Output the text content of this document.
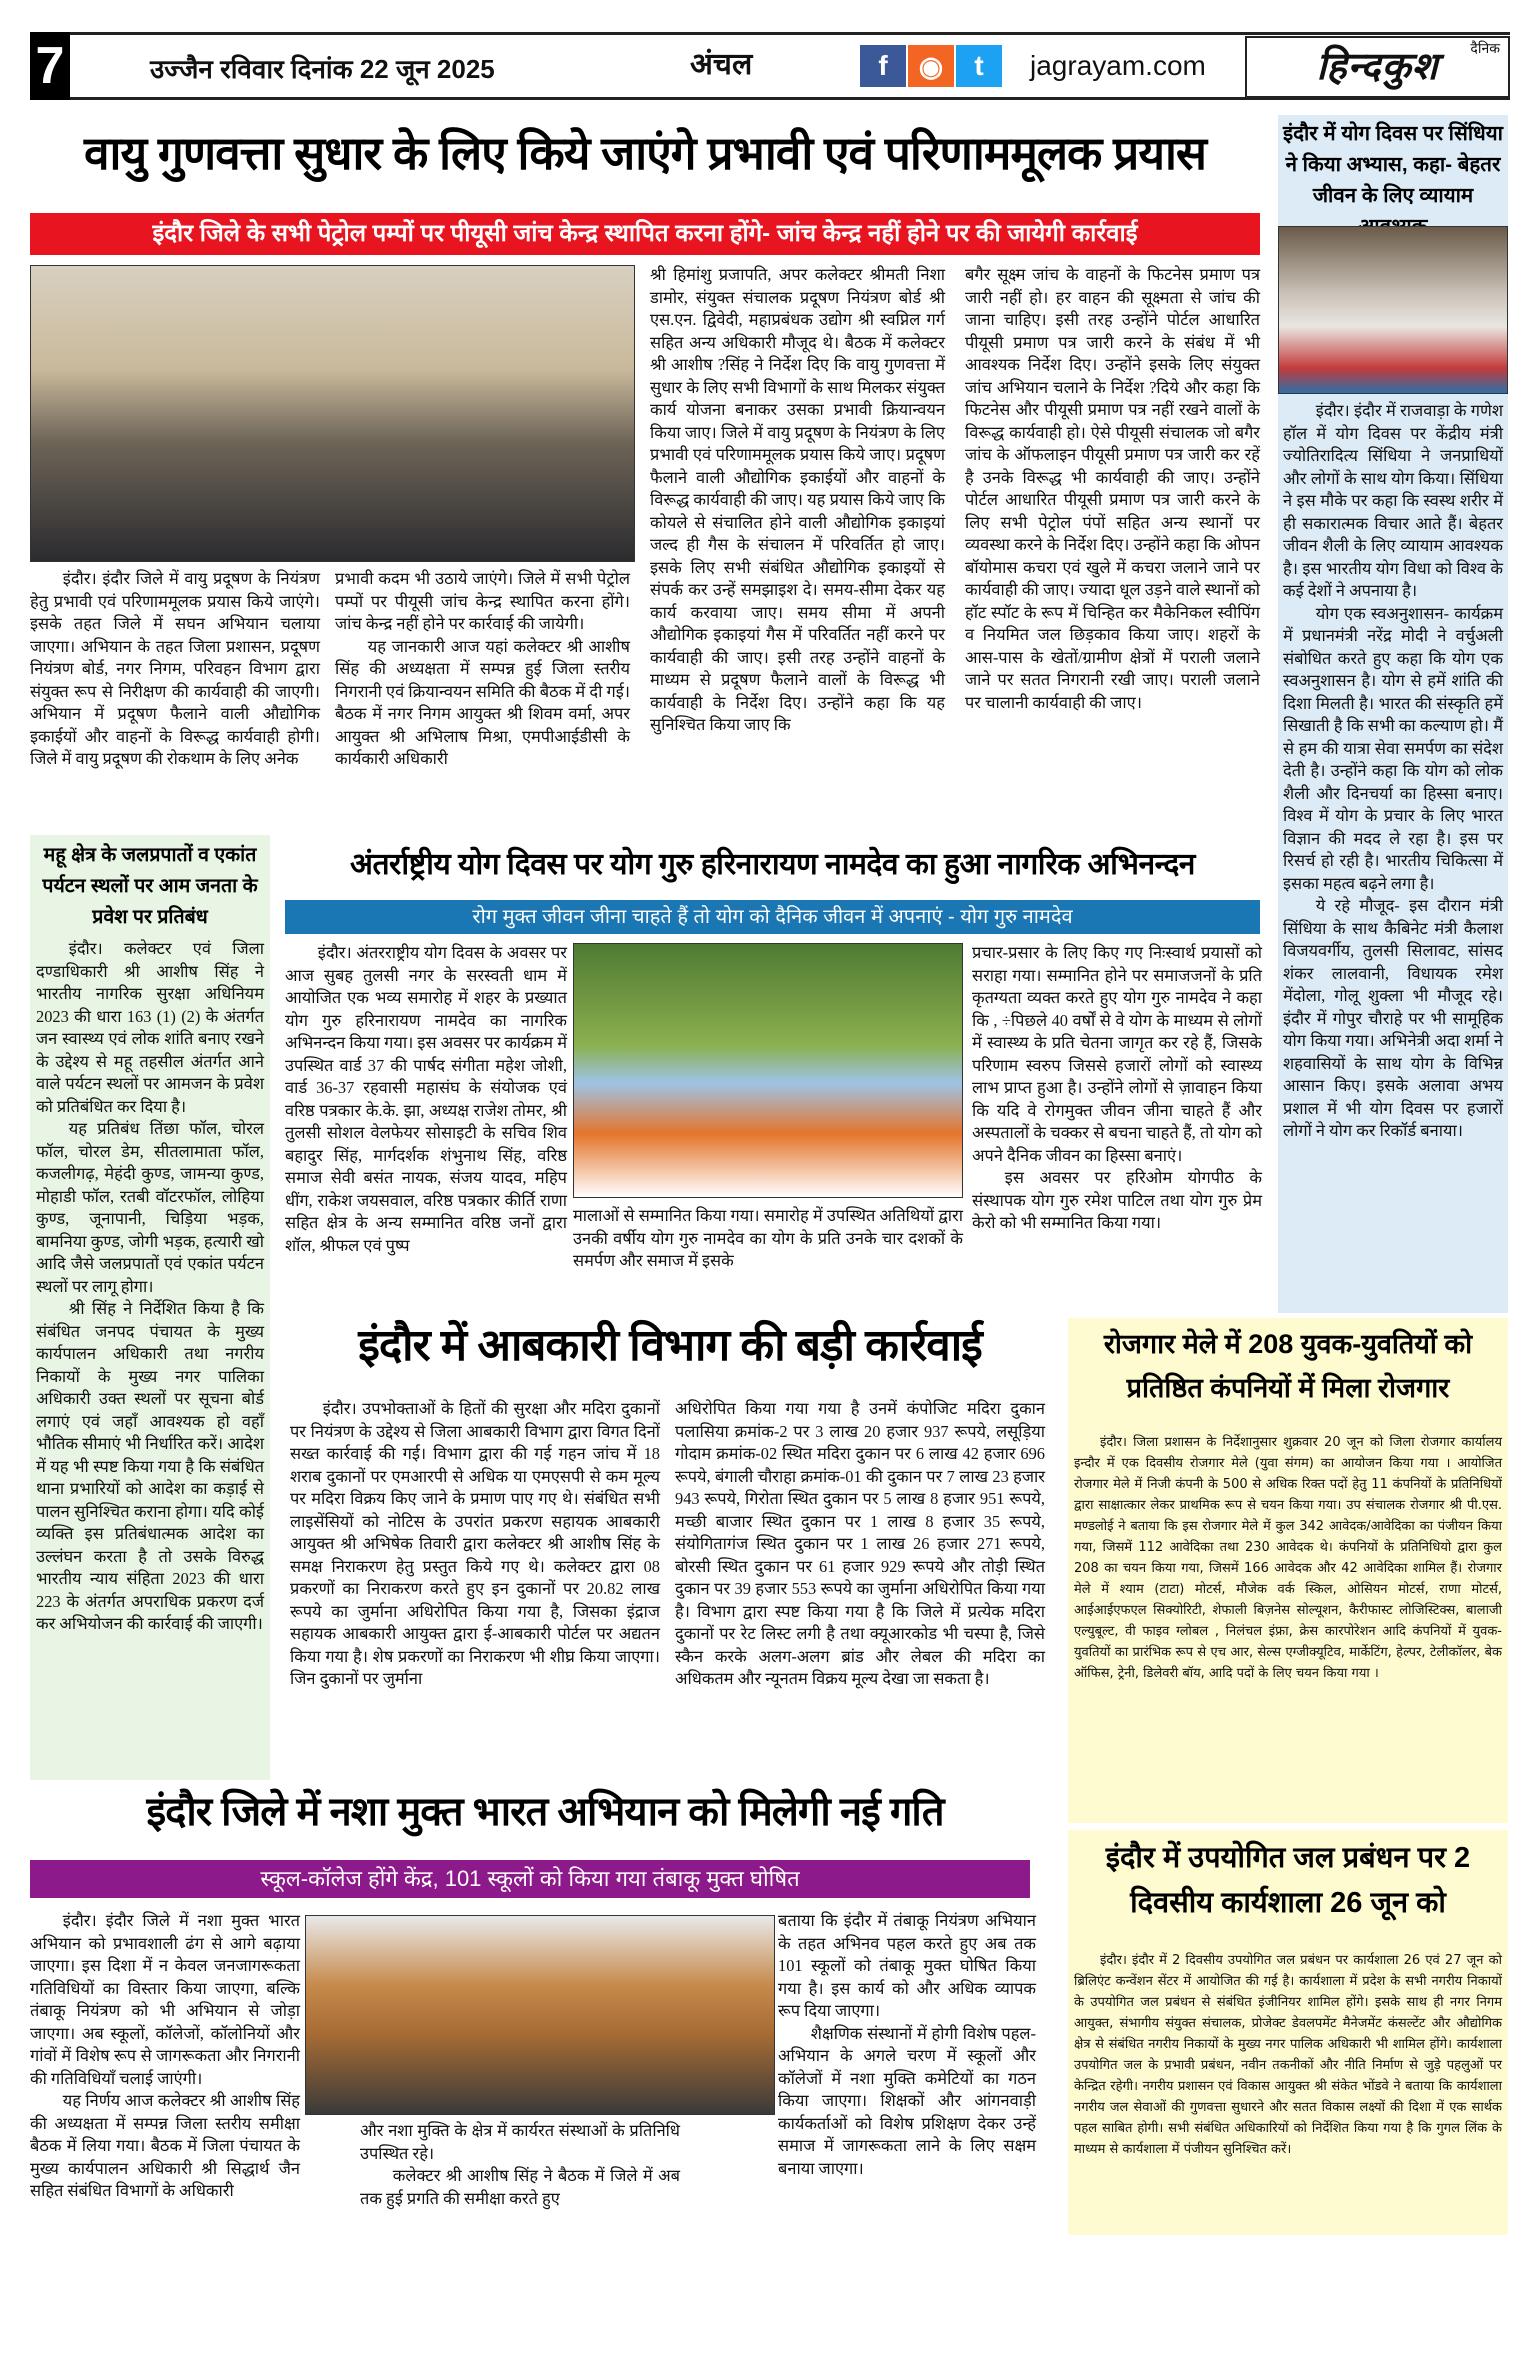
7	उज्जैन रविवार दिनांक 22 जून 2025	अंचल	f	◉	t	jagrayam.com
दैनिक
हिन्दकुश
वायु गुणवत्ता सुधार के लिए किये जाएंगे प्रभावी एवं परिणाममूलक प्रयास
इंदौर जिले के सभी पेट्रोल पम्पों पर पीयूसी जांच केन्द्र स्थापित करना होंगे- जांच केन्द्र नहीं होने पर की जायेगी कार्रवाई

इंदौर। इंदौर जिले में वायु प्रदूषण के नियंत्रण हेतु प्रभावी एवं परिणाममूलक प्रयास किये जाएंगे। इसके तहत जिले में सघन अभियान चलाया जाएगा। अभियान के तहत जिला प्रशासन, प्रदूषण नियंत्रण बोर्ड, नगर निगम, परिवहन विभाग द्वारा संयुक्त रूप से निरीक्षण की कार्यवाही की जाएगी। अभियान में प्रदूषण फैलाने वाली औद्योगिक इकाईयों और वाहनों के विरूद्ध कार्यवाही होगी। जिले में वायु प्रदूषण की रोकथाम के लिए अनेक

प्रभावी कदम भी उठाये जाएंगे। जिले में सभी पेट्रोल पम्पों पर पीयूसी जांच केन्द्र स्थापित करना होंगे। जांच केन्द्र नहीं होने पर कार्रवाई की जायेगी।

यह जानकारी आज यहां कलेक्टर श्री आशीष सिंह की अध्यक्षता में सम्पन्न हुई जिला स्तरीय निगरानी एवं क्रियान्वयन समिति की बैठक में दी गई। बैठक में नगर निगम आयुक्त श्री शिवम वर्मा, अपर आयुक्त श्री अभिलाष मिश्रा, एमपीआईडीसी के कार्यकारी अधिकारी

श्री हिमांशु प्रजापति, अपर कलेक्टर श्रीमती निशा डामोर, संयुक्त संचालक प्रदूषण नियंत्रण बोर्ड श्री एस.एन. द्विवेदी, महाप्रबंधक उद्योग श्री स्वप्निल गर्ग सहित अन्य अधिकारी मौजूद थे। बैठक में कलेक्टर श्री आशीष ?सिंह ने निर्देश दिए कि वायु गुणवत्ता में सुधार के लिए सभी विभागों के साथ मिलकर संयुक्त कार्य योजना बनाकर उसका प्रभावी क्रियान्वयन किया जाए। जिले में वायु प्रदूषण के नियंत्रण के लिए प्रभावी एवं परिणाममूलक प्रयास किये जाए। प्रदूषण फैलाने वाली औद्योगिक इकाईयों और वाहनों के विरूद्ध कार्यवाही की जाए। यह प्रयास किये जाए कि कोयले से संचालित होने वाली औद्योगिक इकाइयां जल्द ही गैस के संचालन में परिवर्तित हो जाए। इसके लिए सभी संबंधित औद्योगिक इकाइयों से संपर्क कर उन्हें समझाइश दे। समय-सीमा देकर यह कार्य करवाया जाए। समय सीमा में अपनी औद्योगिक इकाइयां गैस में परिवर्तित नहीं करने पर कार्यवाही की जाए। इसी तरह उन्होंने वाहनों के माध्यम से प्रदूषण फैलाने वालों के विरूद्ध भी कार्यवाही के निर्देश दिए। उन्होंने कहा कि यह सुनिश्चित किया जाए कि

बगैर सूक्ष्म जांच के वाहनों के फिटनेस प्रमाण पत्र जारी नहीं हो। हर वाहन की सूक्ष्मता से जांच की जाना चाहिए। इसी तरह उन्होंने पोर्टल आधारित पीयूसी प्रमाण पत्र जारी करने के संबंध में भी आवश्यक निर्देश दिए। उन्होंने इसके लिए संयुक्त जांच अभियान चलाने के निर्देश ?दिये और कहा कि फिटनेस और पीयूसी प्रमाण पत्र नहीं रखने वालों के विरूद्ध कार्यवाही हो। ऐसे पीयूसी संचालक जो बगैर जांच के ऑफलाइन पीयूसी प्रमाण पत्र जारी कर रहें है उनके विरूद्ध भी कार्यवाही की जाए। उन्होंने पोर्टल आधारित पीयूसी प्रमाण पत्र जारी करने के लिए सभी पेट्रोल पंपों सहित अन्य स्थानों पर व्यवस्था करने के निर्देश दिए। उन्होंने कहा कि ओपन बॉयोमास कचरा एवं खुले में कचरा जलाने जाने पर कार्यवाही की जाए। ज्यादा धूल उड़ने वाले स्थानों को हॉट स्पॉट के रूप में चिन्हित कर मैकेनिकल स्वीपिंग व नियमित जल छिड़काव किया जाए। शहरों के आस-पास के खेतों/ग्रामीण क्षेत्रों में पराली जलाने जाने पर सतत निगरानी रखी जाए। पराली जलाने पर चालानी कार्यवाही की जाए।

इंदौर में योग दिवस पर सिंधिया ने किया अभ्यास, कहा- बेहतर जीवन के लिए व्यायाम

इंदौर। इंदौर में राजवाड़ा के गणेश हॉल में योग दिवस पर केंद्रीय मंत्री ज्योतिरादित्य सिंधिया ने जनप्राधियों और लोगों के साथ योग किया। सिंधिया ने इस मौके पर कहा कि स्वस्थ शरीर में ही सकारात्मक विचार आते हैं। बेहतर जीवन शैली के लिए व्यायाम आवश्यक है। इस भारतीय योग विधा को विश्व के कई देशों ने अपनाया है।

योग एक स्वअनुशासन- कार्यक्रम में प्रधानमंत्री नरेंद्र मोदी ने वर्चुअली संबोधित करते हुए कहा कि योग एक स्वअनुशासन है। योग से हमें शांति की दिशा मिलती है। भारत की संस्कृति हमें सिखाती है कि सभी का कल्याण हो। मैं से हम की यात्रा सेवा समर्पण का संदेश देती है। उन्होंने कहा कि योग को लोक शैली और दिनचर्या का हिस्सा बनाए। विश्व में योग के प्रचार के लिए भारत विज्ञान की मदद ले रहा है। इस पर रिसर्च हो रही है। भारतीय चिकित्सा में इसका महत्व बढ़ने लगा है।

ये रहे मौजूद- इस दौरान मंत्री सिंधिया के साथ कैबिनेट मंत्री कैलाश विजयवर्गीय, तुलसी सिलावट, सांसद शंकर लालवानी, विधायक रमेश मेंदोला, गोलू शुक्ला भी मौजूद रहे। इंदौर में गोपुर चौराहे पर भी सामूहिक योग किया गया। अभिनेत्री अदा शर्मा ने शहवासियों के साथ योग के विभिन्न आसान किए। इसके अलावा अभय प्रशाल में भी योग दिवस पर हजारों लोगों ने योग कर रिकॉर्ड बनाया।

महू क्षेत्र के जलप्रपातों व एकांत पर्यटन स्थलों पर आम जनता के प्रवेश पर प्रतिबंध

इंदौर। कलेक्टर एवं जिला दण्डाधिकारी श्री आशीष सिंह ने भारतीय नागरिक सुरक्षा अधिनियम 2023 की धारा 163 (1) (2) के अंतर्गत जन स्वास्थ्य एवं लोक शांति बनाए रखने के उद्देश्य से महू तहसील अंतर्गत आने वाले पर्यटन स्थलों पर आमजन के प्रवेश को प्रतिबंधित कर दिया है।

यह प्रतिबंध तिंछा फॉल, चोरल फॉल, चोरल डेम, सीतलामाता फॉल, कजलीगढ़, मेहंदी कुण्ड, जामन्या कुण्ड, मोहाडी फॉल, रतबी वॉटरफॉल, लोहिया कुण्ड, जूनापानी, चिड़िया भड़क, बामनिया कुण्ड, जोगी भड़क, हत्यारी खो आदि जैसे जलप्रपातों एवं एकांत पर्यटन स्थलों पर लागू होगा।

श्री सिंह ने निर्देशित किया है कि संबंधित जनपद पंचायत के मुख्य कार्यपालन अधिकारी तथा नगरीय निकायों के मुख्य नगर पालिका अधिकारी उक्त स्थलों पर सूचना बोर्ड लगाएं एवं जहाँ आवश्यक हो वहाँ भौतिक सीमाएं भी निर्धारित करें। आदेश में यह भी स्पष्ट किया गया है कि संबंधित थाना प्रभारियों को आदेश का कड़ाई से पालन सुनिश्चित कराना होगा। यदि कोई व्यक्ति इस प्रतिबंधात्मक आदेश का उल्लंघन करता है तो उसके विरुद्ध भारतीय न्याय संहिता 2023 की धारा 223 के अंतर्गत अपराधिक प्रकरण दर्ज कर अभियोजन की कार्रवाई की जाएगी।

अंतर्राष्ट्रीय योग दिवस पर योग गुरु हरिनारायण नामदेव का हुआ नागरिक अभिनन्दन
रोग मुक्त जीवन जीना चाहते हैं तो योग को दैनिक जीवन में अपनाएं - योग गुरु नामदेव

इंदौर। अंतरराष्ट्रीय योग दिवस के अवसर पर आज सुबह तुलसी नगर के सरस्वती धाम में आयोजित एक भव्य समारोह में शहर के प्रख्यात योग गुरु हरिनारायण नामदेव का नागरिक अभिनन्दन किया गया। इस अवसर पर कार्यक्रम में उपस्थित वार्ड 37 की पार्षद संगीता महेश जोशी, वार्ड 36-37 रहवासी महासंघ के संयोजक एवं वरिष्ठ पत्रकार के.के. झा, अध्यक्ष राजेश तोमर, श्री तुलसी सोशल वेलफेयर सोसाइटी के सचिव शिव बहादुर सिंह, मार्गदर्शक शंभुनाथ सिंह, वरिष्ठ समाज सेवी बसंत नायक, संजय यादव, महिप धींग, राकेश जयसवाल, वरिष्ठ पत्रकार कीर्ति राणा सहित क्षेत्र के अन्य सम्मानित वरिष्ठ जनों द्वारा शॉल, श्रीफल एवं पुष्प

मालाओं से सम्मानित किया गया। समारोह में उपस्थित अतिथियों द्वारा उनकी वर्षीय योग गुरु नामदेव का योग के प्रति उनके चार दशकों के समर्पण और समाज में इसके

प्रचार-प्रसार के लिए किए गए निःस्वार्थ प्रयासों को सराहा गया। सम्मानित होने पर समाजजनों के प्रति कृतग्यता व्यक्त करते हुए योग गुरु नामदेव ने कहा कि , ÷पिछले 40 वर्षों से वे योग के माध्यम से लोगों में स्वास्थ्य के प्रति चेतना जागृत कर रहे हैं, जिसके परिणाम स्वरुप जिससे हजारों लोगों को स्वास्थ्य लाभ प्राप्त हुआ है। उन्होंने लोगों से ज़ावाहन किया कि यदि वे रोगमुक्त जीवन जीना चाहते हैं और अस्पतालों के चक्कर से बचना चाहते हैं, तो योग को अपने दैनिक जीवन का हिस्सा बनाएं।

इस अवसर पर हरिओम योगपीठ के संस्थापक योग गुरु रमेश पाटिल तथा योग गुरु प्रेम केरो को भी सम्मानित किया गया।

इंदौर में आबकारी विभाग की बड़ी कार्रवाई

इंदौर। उपभोक्ताओं के हितों की सुरक्षा और मदिरा दुकानों पर नियंत्रण के उद्देश्य से जिला आबकारी विभाग द्वारा विगत दिनों सख्त कार्रवाई की गई। विभाग द्वारा की गई गहन जांच में 18 शराब दुकानों पर एमआरपी से अधिक या एमएसपी से कम मूल्य पर मदिरा विक्रय किए जाने के प्रमाण पाए गए थे। संबंधित सभी लाइसेंसियों को नोटिस के उपरांत प्रकरण सहायक आबकारी आयुक्त श्री अभिषेक तिवारी द्वारा कलेक्टर श्री आशीष सिंह के समक्ष निराकरण हेतु प्रस्तुत किये गए थे। कलेक्टर द्वारा 08 प्रकरणों का निराकरण करते हुए इन दुकानों पर 20.82 लाख रूपये का जुर्माना अधिरोपित किया गया है, जिसका इंद्राज सहायक आबकारी आयुक्त द्वारा ई-आबकारी पोर्टल पर अद्यतन किया गया है। शेष प्रकरणों का निराकरण भी शीघ्र किया जाएगा। जिन दुकानों पर जुर्माना

अधिरोपित किया गया गया है उनमें कंपोजिट मदिरा दुकान पलासिया क्रमांक-2 पर 3 लाख 20 हजार 937 रूपये, लसूड़िया गोदाम क्रमांक-02 स्थित मदिरा दुकान पर 6 लाख 42 हजार 696 रूपये, बंगाली चौराहा क्रमांक-01 की दुकान पर 7 लाख 23 हजार 943 रूपये, गिरोता स्थित दुकान पर 5 लाख 8 हजार 951 रूपये, मच्छी बाजार स्थित दुकान पर 1 लाख 8 हजार 35 रूपये, संयोगितागंज स्थित दुकान पर 1 लाख 26 हजार 271 रूपये, बोरसी स्थित दुकान पर 61 हजार 929 रूपये और तोड़ी स्थित दुकान पर 39 हजार 553 रूपये का जुर्माना अधिरोपित किया गया है। विभाग द्वारा स्पष्ट किया गया है कि जिले में प्रत्येक मदिरा दुकानों पर रेट लिस्ट लगी है तथा क्यूआरकोड भी चस्पा है, जिसे स्कैन करके अलग-अलग ब्रांड और लेबल की मदिरा का अधिकतम और न्यूनतम विक्रय मूल्य देखा जा सकता है।

रोजगार मेले में 208 युवक-युवतियों को प्रतिष्ठित कंपनियों में मिला रोजगार

इंदौर। जिला प्रशासन के निर्देशानुसार शुक्रवार 20 जून को जिला रोजगार कार्यालय इन्दौर में एक दिवसीय रोजगार मेले (युवा संगम) का आयोजन किया गया । आयोजित रोजगार मेले में निजी कंपनी के 500 से अधिक रिक्त पदों हेतु 11 कंपनियों के प्रतिनिधियों द्वारा साक्षात्कार लेकर प्राथमिक रूप से चयन किया गया। उप संचालक रोजगार श्री पी.एस. मण्डलोई ने बताया कि इस रोजगार मेले में कुल 342 आवेदक/आवेदिका का पंजीयन किया गया, जिसमें 112 आवेदिका तथा 230 आवेदक थे। कंपनियों के प्रतिनिधियो द्वारा कुल 208 का चयन किया गया, जिसमें 166 आवेदक और 42 आवेदिका शामिल हैं। रोजगार मेले में श्याम (टाटा) मोटर्स, मौजेक वर्क स्किल, ओसियन मोटर्स, राणा मोटर्स, आईआईएफएल सिक्योरिटी, शेफाली बिज़नेस सोल्यूशन, कैरीफास्ट लोजिस्टिक्स, बालाजी एल्युबूल्ट, वी फाइव ग्लोबल , निलंचल इंफ्रा, क्रेस कारपोरेशन आदि कंपनियों में युवक-युवतियों का प्रारंभिक रूप से एच आर, सेल्स एग्जीक्यूटिव, मार्केटिंग, हेल्पर, टेलीकॉलर, बेक ऑफिस, ट्रेनी, डिलेवरी बॉय, आदि पदों के लिए चयन किया गया ।

इंदौर में उपयोगित जल प्रबंधन पर 2 दिवसीय कार्यशाला 26 जून को

इंदौर। इंदौर में 2 दिवसीय उपयोगित जल प्रबंधन पर कार्यशाला 26 एवं 27 जून को ब्रिलिएंट कन्वेंशन सेंटर में आयोजित की गई है। कार्यशाला में प्रदेश के सभी नगरीय निकायों के उपयोगित जल प्रबंधन से संबंधित इंजीनियर शामिल होंगे। इसके साथ ही नगर निगम आयुक्त, संभागीय संयुक्त संचालक, प्रोजेक्ट डेवलपमेंट मैनेजमेंट कंसल्टेंट और औद्योगिक क्षेत्र से संबंधित नगरीय निकायों के मुख्य नगर पालिक अधिकारी भी शामिल होंगे। कार्यशाला उपयोगित जल के प्रभावी प्रबंधन, नवीन तकनीकों और नीति निर्माण से जुड़े पहलुओं पर केन्द्रित रहेगी। नगरीय प्रशासन एवं विकास आयुक्त श्री संकेत भोंडवे ने बताया कि कार्यशाला नगरीय जल सेवाओं की गुणवत्ता सुधारने और सतत विकास लक्ष्यों की दिशा में एक सार्थक पहल साबित होगी। सभी संबंधित अधिकारियों को निर्देशित किया गया है कि गुगल लिंक के माध्यम से कार्यशाला में पंजीयन सुनिश्चित करें।

इंदौर जिले में नशा मुक्त भारत अभियान को मिलेगी नई गति
स्कूल-कॉलेज होंगे केंद्र, 101 स्कूलों को किया गया तंबाकू मुक्त घोषित

इंदौर। इंदौर जिले में नशा मुक्त भारत अभियान को प्रभावशाली ढंग से आगे बढ़ाया जाएगा। इस दिशा में न केवल जनजागरूकता गतिविधियों का विस्तार किया जाएगा, बल्कि तंबाकू नियंत्रण को भी अभियान से जोड़ा जाएगा। अब स्कूलों, कॉलेजों, कॉलोनियों और गांवों में विशेष रूप से जागरूकता और निगरानी की गतिविधियाँ चलाई जाएंगी।

यह निर्णय आज कलेक्टर श्री आशीष सिंह की अध्यक्षता में सम्पन्न जिला स्तरीय समीक्षा बैठक में लिया गया। बैठक में जिला पंचायत के मुख्य कार्यपालन अधिकारी श्री सिद्धार्थ जैन सहित संबंधित विभागों के अधिकारी

और नशा मुक्ति के क्षेत्र में कार्यरत संस्थाओं के प्रतिनिधि उपस्थित रहे।

कलेक्टर श्री आशीष सिंह ने बैठक में जिले में अब तक हुई प्रगति की समीक्षा करते हुए

बताया कि इंदौर में तंबाकू नियंत्रण अभियान के तहत अभिनव पहल करते हुए अब तक 101 स्कूलों को तंबाकू मुक्त घोषित किया गया है। इस कार्य को और अधिक व्यापक रूप दिया जाएगा।

शैक्षणिक संस्थानों में होगी विशेष पहल- अभियान के अगले चरण में स्कूलों और कॉलेजों में नशा मुक्ति कमेटियों का गठन किया जाएगा। शिक्षकों और आंगनवाड़ी कार्यकर्ताओं को विशेष प्रशिक्षण देकर उन्हें समाज में जागरूकता लाने के लिए सक्षम बनाया जाएगा।
